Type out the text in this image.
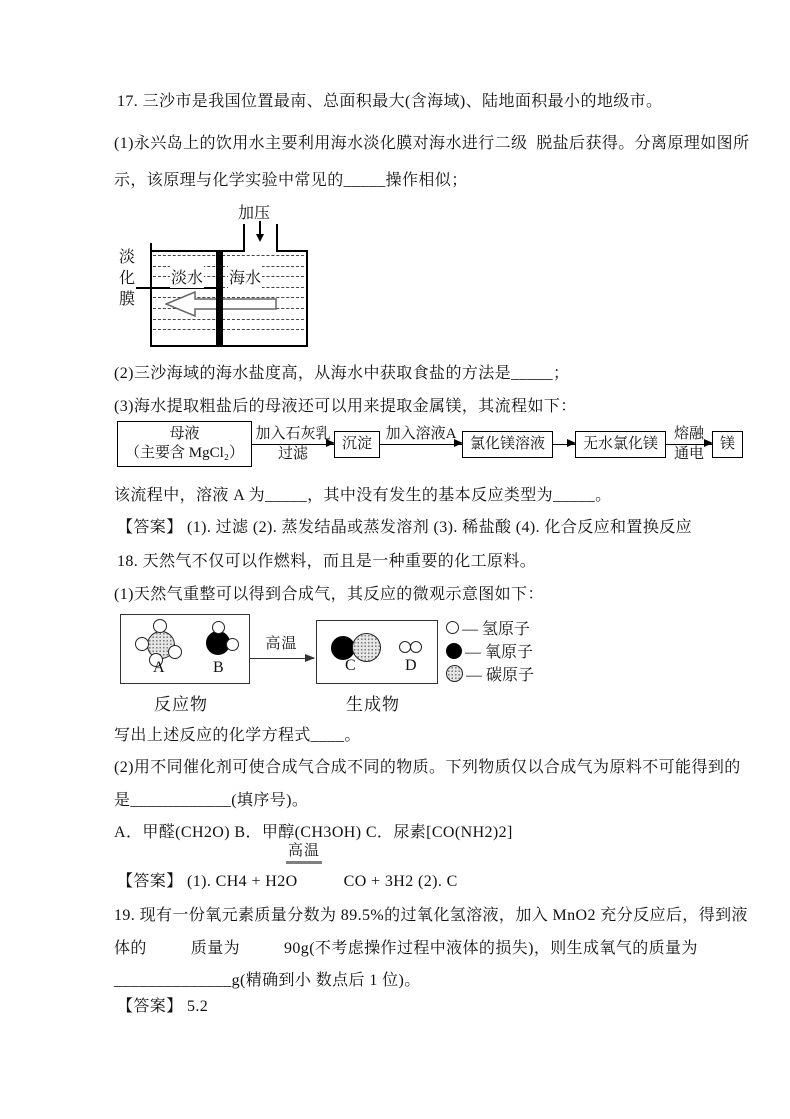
17. 三沙市是我国位置最南、总面积最大(含海域)、陆地面积最小的地级市。
(1)永兴岛上的饮用水主要利用海水淡化膜对海水进行二级  脱盐后获得。分离原理如图所
示，该原理与化学实验中常见的_____操作相似；
加压
淡水 海水
淡化膜
(2)三沙海域的海水盐度高，从海水中获取食盐的方法是_____；
(3)海水提取粗盐后的母液还可以用来提取金属镁，其流程如下：
母液
（主要含 MgCl₂）
加入石灰乳
过滤
沉淀
加入溶液A
氯化镁溶液	无水氯化镁
熔融
通电
镁
该流程中，溶液 A 为_____，其中没有发生的基本反应类型为_____。
【答案】 (1). 过滤 (2). 蒸发结晶或蒸发溶剂 (3). 稀盐酸 (4). 化合反应和置换反应
18. 天然气不仅可以作燃料，而且是一种重要的化工原料。
(1)天然气重整可以得到合成气，其反应的微观示意图如下：
A	B
高温
C	D
反应物	生成物
— 氢原子
— 氧原子
— 碳原子
写出上述反应的化学方程式____。
(2)用不同催化剂可使合成气合成不同的物质。下列物质仅以合成气为原料不可能得到的
是____________(填序号)。
A．甲醛(CH2O) B．甲醇(CH3OH) C．尿素[CO(NH2)2]
高温
【答案】 (1). CH4 + H2O	CO + 3H2 (2). C
19. 现有一份氧元素质量分数为 89.5%的过氧化氢溶液，加入 MnO2 充分反应后，得到液
体的          质量为          90g(不考虑操作过程中液体的损失)，则生成氧气的质量为
______________g(精确到小 数点后 1 位)。
【答案】 5.2
